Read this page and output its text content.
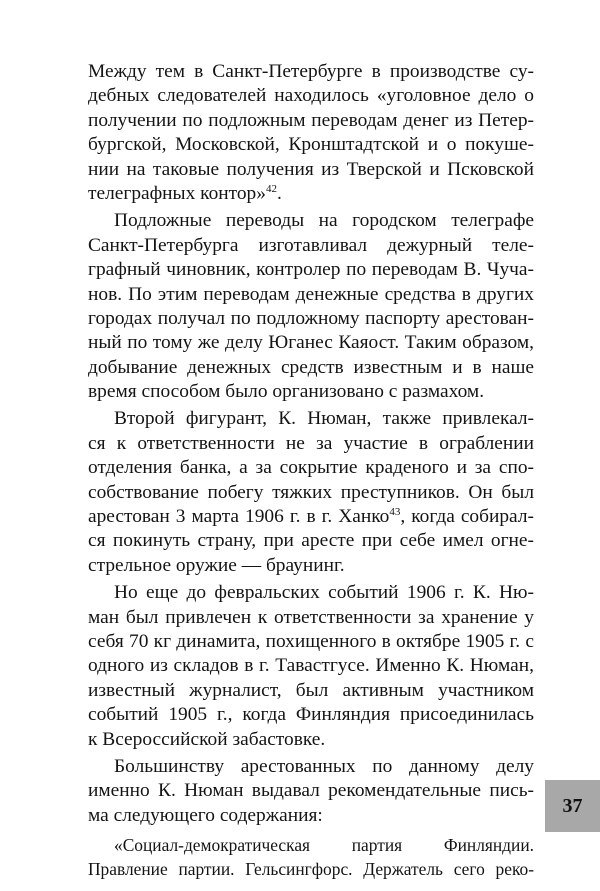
Между тем в Санкт-Петербурге в производстве су-
дебных следователей находилось «уголовное дело о
получении по подложным переводам денег из Петер-
бургской, Московской, Кронштадтской и о покуше-
нии на таковые получения из Тверской и Псковской
телеграфных контор»$^{42}$.
Подложные переводы на городском телеграфе
Санкт-Петербурга изготавливал дежурный теле-
графный чиновник, контролер по переводам В. Чуча-
нов. По этим переводам денежные средства в других
городах получал по подложному паспорту арестован-
ный по тому же делу Юганес Каяост. Таким образом,
добывание денежных средств известным и в наше
время способом было организовано с размахом.
Второй фигурант, К. Нюман, также привлекал-
ся к ответственности не за участие в ограблении
отделения банка, а за сокрытие краденого и за спо-
собствование побегу тяжких преступников. Он был
арестован 3 марта 1906 г. в г. Ханко$^{43}$, когда собирал-
ся покинуть страну, при аресте при себе имел огне-
стрельное оружие — браунинг.
Но еще до февральских событий 1906 г. К. Ню-
ман был привлечен к ответственности за хранение у
себя 70 кг динамита, похищенного в октябре 1905 г. с
одного из складов в г. Тавастгусе. Именно К. Нюман,
известный журналист, был активным участником
событий 1905 г., когда Финляндия присоединилась
к Всероссийской забастовке.
Большинству арестованных по данному делу
именно К. Нюман выдавал рекомендательные пись-
ма следующего содержания:
«Социал-демократическая партия Финляндии.
Правление партии. Гельсингфорс. Держатель сего реко-
37
